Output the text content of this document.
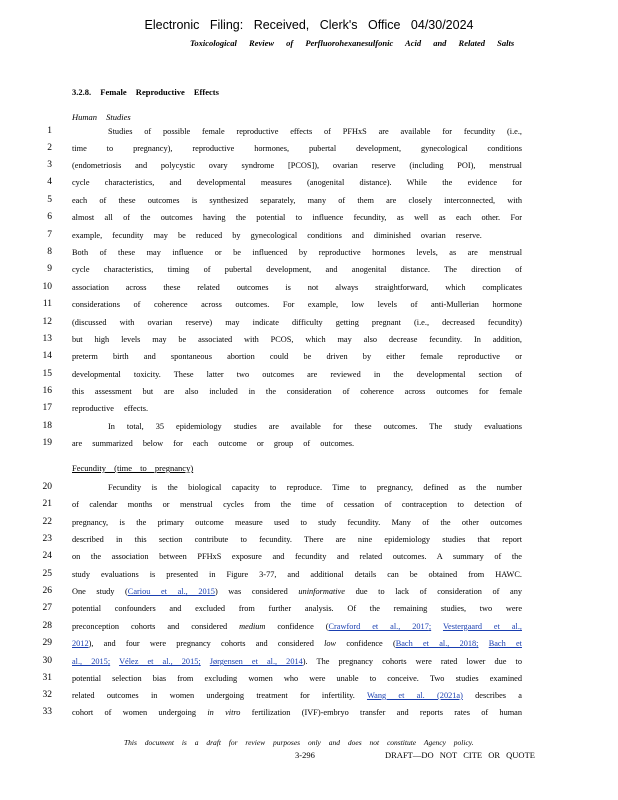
Electronic Filing: Received, Clerk's Office 04/30/2024
Toxicological Review of Perfluorohexanesulfonic Acid and Related Salts
3.2.8. Female Reproductive Effects
Human Studies
1	Studies of possible female reproductive effects of PFHxS are available for fecundity (i.e.,
2 time to pregnancy), reproductive hormones, pubertal development, gynecological conditions
3 (endometriosis and polycystic ovary syndrome [PCOS]), ovarian reserve (including POI), menstrual
4 cycle characteristics, and developmental measures (anogenital distance). While the evidence for
5 each of these outcomes is synthesized separately, many of them are closely interconnected, with
6 almost all of the outcomes having the potential to influence fecundity, as well as each other. For
7 example, fecundity may be reduced by gynecological conditions and diminished ovarian reserve.
8 Both of these may influence or be influenced by reproductive hormones levels, as are menstrual
9 cycle characteristics, timing of pubertal development, and anogenital distance. The direction of
10 association across these related outcomes is not always straightforward, which complicates
11 considerations of coherence across outcomes. For example, low levels of anti-Mullerian hormone
12 (discussed with ovarian reserve) may indicate difficulty getting pregnant (i.e., decreased fecundity)
13 but high levels may be associated with PCOS, which may also decrease fecundity. In addition,
14 preterm birth and spontaneous abortion could be driven by either female reproductive or
15 developmental toxicity. These latter two outcomes are reviewed in the developmental section of
16 this assessment but are also included in the consideration of coherence across outcomes for female
17 reproductive effects.
18	In total, 35 epidemiology studies are available for these outcomes. The study evaluations
19 are summarized below for each outcome or group of outcomes.
Fecundity (time to pregnancy)
20	Fecundity is the biological capacity to reproduce. Time to pregnancy, defined as the number
21 of calendar months or menstrual cycles from the time of cessation of contraception to detection of
22 pregnancy, is the primary outcome measure used to study fecundity. Many of the other outcomes
23 described in this section contribute to fecundity. There are nine epidemiology studies that report
24 on the association between PFHxS exposure and fecundity and related outcomes. A summary of the
25 study evaluations is presented in Figure 3-77, and additional details can be obtained from HAWC.
26 One study (Cariou et al., 2015) was considered uninformative due to lack of consideration of any
27 potential confounders and excluded from further analysis. Of the remaining studies, two were
28 preconception cohorts and considered medium confidence (Crawford et al., 2017; Vestergaard et al.,
29 2012), and four were pregnancy cohorts and considered low confidence (Bach et al., 2018; Bach et
30 al., 2015; Vélez et al., 2015; Jørgensen et al., 2014). The pregnancy cohorts were rated lower due to
31 potential selection bias from excluding women who were unable to conceive. Two studies examined
32 related outcomes in women undergoing treatment for infertility. Wang et al. (2021a) describes a
33 cohort of women undergoing in vitro fertilization (IVF)-embryo transfer and reports rates of human
This document is a draft for review purposes only and does not constitute Agency policy.
3-296	DRAFT—DO NOT CITE OR QUOTE
